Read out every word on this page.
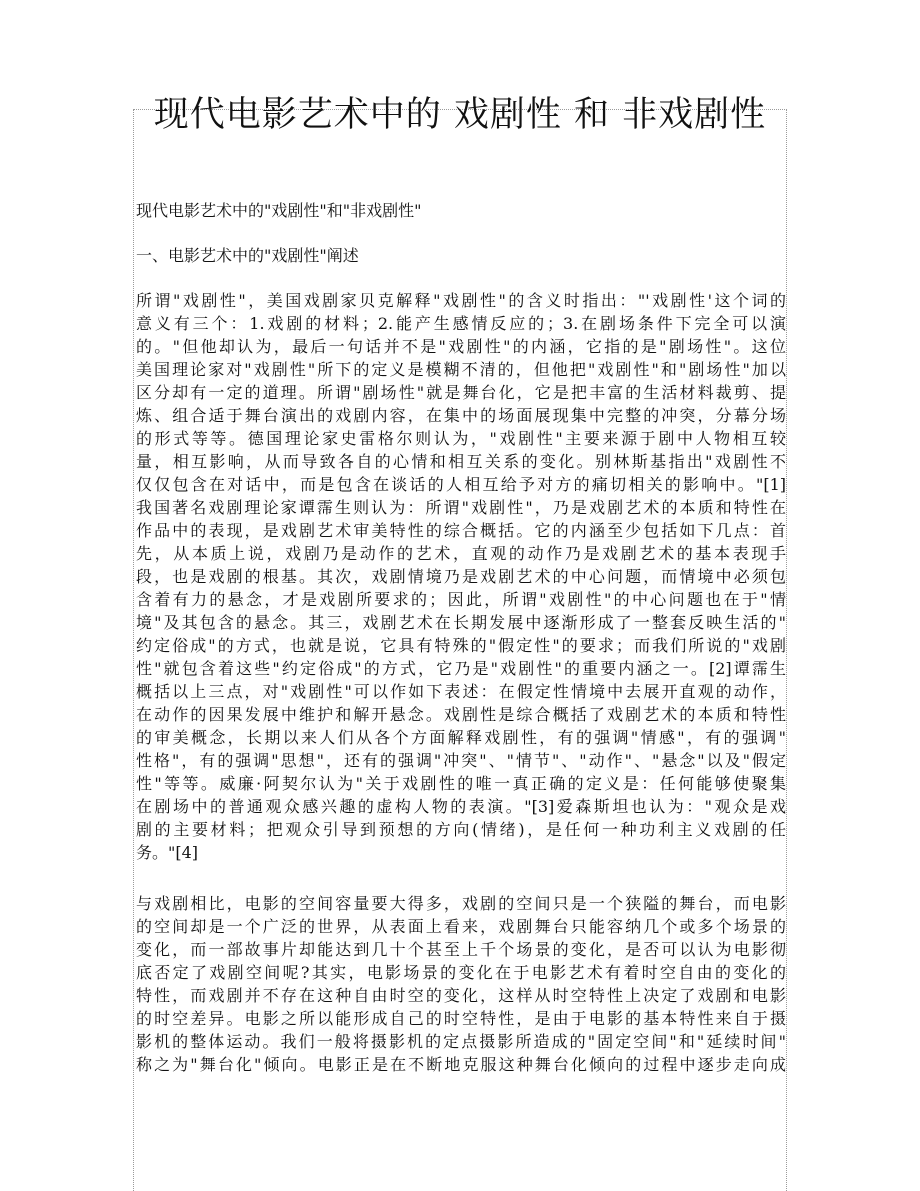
现代电影艺术中的 戏剧性 和 非戏剧性

现代电影艺术中的"戏剧性"和"非戏剧性"

一、电影艺术中的"戏剧性"阐述

所谓"戏剧性"，美国戏剧家贝克解释"戏剧性"的含义时指出："'戏剧性'这个词的

意义有三个：1.戏剧的材料；2.能产生感情反应的；3.在剧场条件下完全可以演

的。"但他却认为，最后一句话并不是"戏剧性"的内涵，它指的是"剧场性"。这位

美国理论家对"戏剧性"所下的定义是模糊不清的，但他把"戏剧性"和"剧场性"加以

区分却有一定的道理。所谓"剧场性"就是舞台化，它是把丰富的生活材料裁剪、提

炼、组合适于舞台演出的戏剧内容，在集中的场面展现集中完整的冲突，分幕分场

的形式等等。德国理论家史雷格尔则认为，"戏剧性"主要来源于剧中人物相互较

量，相互影响，从而导致各自的心情和相互关系的变化。别林斯基指出"戏剧性不

仅仅包含在对话中，而是包含在谈话的人相互给予对方的痛切相关的影响中。"[1]

我国著名戏剧理论家谭霈生则认为：所谓"戏剧性"，乃是戏剧艺术的本质和特性在

作品中的表现，是戏剧艺术审美特性的综合概括。它的内涵至少包括如下几点：首

先，从本质上说，戏剧乃是动作的艺术，直观的动作乃是戏剧艺术的基本表现手

段，也是戏剧的根基。其次，戏剧情境乃是戏剧艺术的中心问题，而情境中必须包

含着有力的悬念，才是戏剧所要求的；因此，所谓"戏剧性"的中心问题也在于"情

境"及其包含的悬念。其三，戏剧艺术在长期发展中逐渐形成了一整套反映生活的"

约定俗成"的方式，也就是说，它具有特殊的"假定性"的要求；而我们所说的"戏剧

性"就包含着这些"约定俗成"的方式，它乃是"戏剧性"的重要内涵之一。[2]谭霈生

概括以上三点，对"戏剧性"可以作如下表述：在假定性情境中去展开直观的动作，

在动作的因果发展中维护和解开悬念。戏剧性是综合概括了戏剧艺术的本质和特性

的审美概念，长期以来人们从各个方面解释戏剧性，有的强调"情感"，有的强调"

性格"，有的强调"思想"，还有的强调"冲突"、"情节"、"动作"、"悬念"以及"假定

性"等等。威廉·阿契尔认为"关于戏剧性的唯一真正确的定义是：任何能够使聚集

在剧场中的普通观众感兴趣的虚构人物的表演。"[3]爱森斯坦也认为："观众是戏

剧的主要材料；把观众引导到预想的方向(情绪)，是任何一种功利主义戏剧的任

务。"[4]

与戏剧相比，电影的空间容量要大得多，戏剧的空间只是一个狭隘的舞台，而电影

的空间却是一个广泛的世界，从表面上看来，戏剧舞台只能容纳几个或多个场景的

变化，而一部故事片却能达到几十个甚至上千个场景的变化，是否可以认为电影彻

底否定了戏剧空间呢?其实，电影场景的变化在于电影艺术有着时空自由的变化的

特性，而戏剧并不存在这种自由时空的变化，这样从时空特性上决定了戏剧和电影

的时空差异。电影之所以能形成自己的时空特性，是由于电影的基本特性来自于摄

影机的整体运动。我们一般将摄影机的定点摄影所造成的"固定空间"和"延续时间"

称之为"舞台化"倾向。电影正是在不断地克服这种舞台化倾向的过程中逐步走向成
